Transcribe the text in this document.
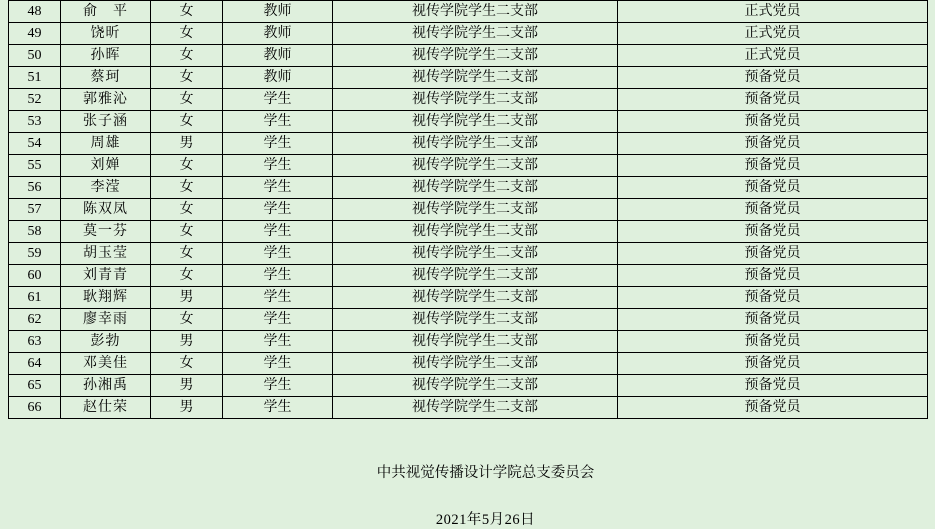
48	俞　平	女	教师	视传学院学生二支部	正式党员
49	饶昕	女	教师	视传学院学生二支部	正式党员
50	孙晖	女	教师	视传学院学生二支部	正式党员
51	蔡珂	女	教师	视传学院学生二支部	预备党员
52	郭雅沁	女	学生	视传学院学生二支部	预备党员
53	张子涵	女	学生	视传学院学生二支部	预备党员
54	周雄	男	学生	视传学院学生二支部	预备党员
55	刘婵	女	学生	视传学院学生二支部	预备党员
56	李滢	女	学生	视传学院学生二支部	预备党员
57	陈双凤	女	学生	视传学院学生二支部	预备党员
58	莫一芬	女	学生	视传学院学生二支部	预备党员
59	胡玉莹	女	学生	视传学院学生二支部	预备党员
60	刘青青	女	学生	视传学院学生二支部	预备党员
61	耿翔辉	男	学生	视传学院学生二支部	预备党员
62	廖幸雨	女	学生	视传学院学生二支部	预备党员
63	彭勃	男	学生	视传学院学生二支部	预备党员
64	邓美佳	女	学生	视传学院学生二支部	预备党员
65	孙湘禹	男	学生	视传学院学生二支部	预备党员
66	赵仕荣	男	学生	视传学院学生二支部	预备党员
中共视觉传播设计学院总支委员会
2021年5月26日
